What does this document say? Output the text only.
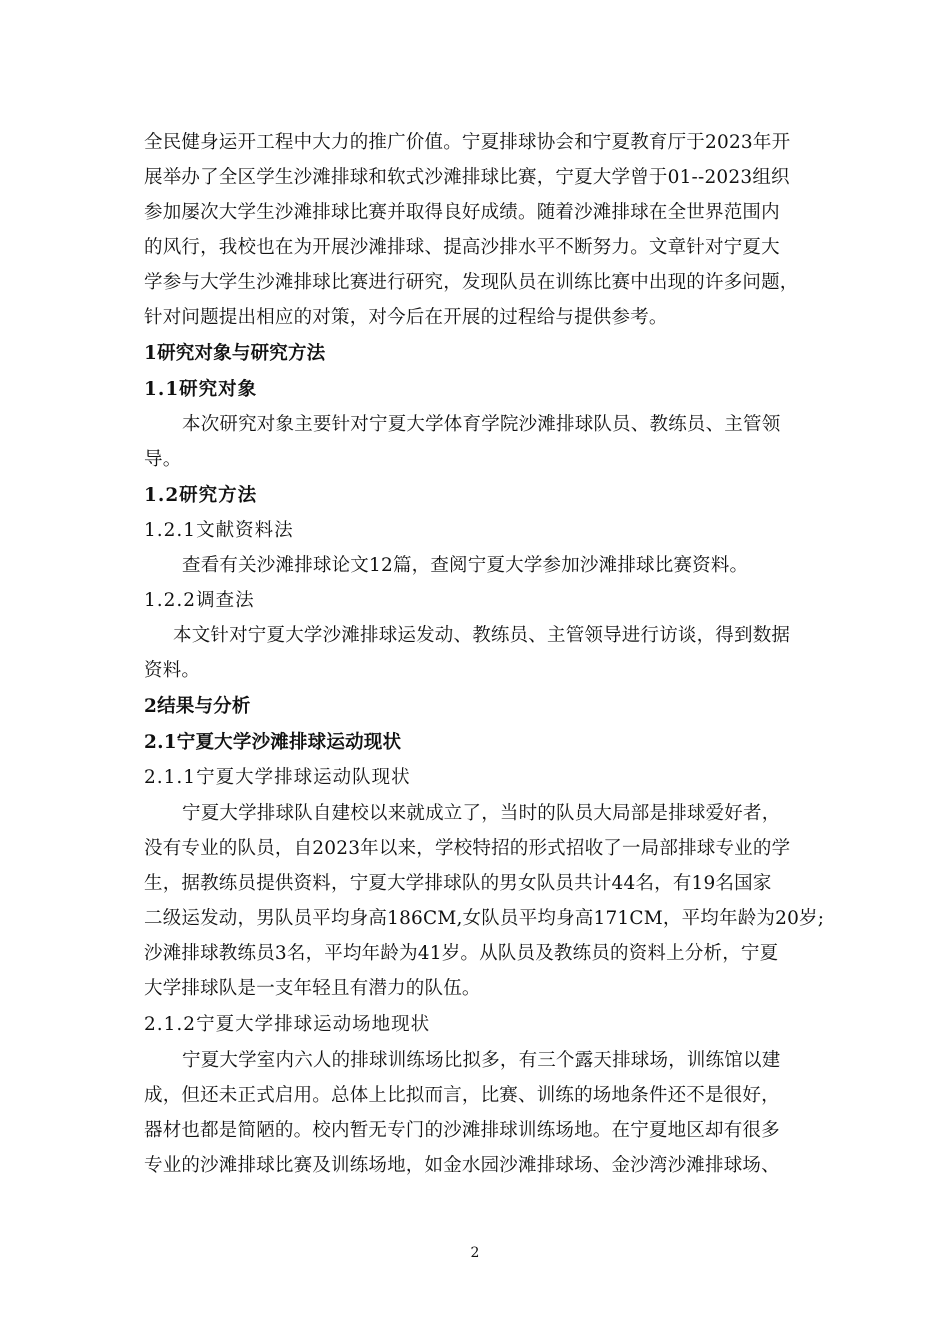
全民健身运开工程中大力的推广价值。宁夏排球协会和宁夏教育厅于2023年开
展举办了全区学生沙滩排球和软式沙滩排球比赛，宁夏大学曾于01--2023组织
参加屡次大学生沙滩排球比赛并取得良好成绩。随着沙滩排球在全世界范围内
的风行，我校也在为开展沙滩排球、提高沙排水平不断努力。文章针对宁夏大
学参与大学生沙滩排球比赛进行研究，发现队员在训练比赛中出现的许多问题，
针对问题提出相应的对策，对今后在开展的过程给与提供参考。
1研究对象与研究方法
1.1研究对象
本次研究对象主要针对宁夏大学体育学院沙滩排球队员、教练员、主管领
导。
1.2研究方法
1.2.1文献资料法
查看有关沙滩排球论文12篇，查阅宁夏大学参加沙滩排球比赛资料。
1.2.2调查法
本文针对宁夏大学沙滩排球运发动、教练员、主管领导进行访谈，得到数据
资料。
2结果与分析
2.1宁夏大学沙滩排球运动现状
2.1.1宁夏大学排球运动队现状
宁夏大学排球队自建校以来就成立了，当时的队员大局部是排球爱好者，
没有专业的队员，自2023年以来，学校特招的形式招收了一局部排球专业的学
生，据教练员提供资料，宁夏大学排球队的男女队员共计44名，有19名国家
二级运发动，男队员平均身高186CM,女队员平均身高171CM，平均年龄为20岁;
沙滩排球教练员3名，平均年龄为41岁。从队员及教练员的资料上分析，宁夏
大学排球队是一支年轻且有潜力的队伍。
2.1.2宁夏大学排球运动场地现状
宁夏大学室内六人的排球训练场比拟多，有三个露天排球场，训练馆以建
成，但还未正式启用。总体上比拟而言，比赛、训练的场地条件还不是很好，
器材也都是简陋的。校内暂无专门的沙滩排球训练场地。在宁夏地区却有很多
专业的沙滩排球比赛及训练场地，如金水园沙滩排球场、金沙湾沙滩排球场、
2
